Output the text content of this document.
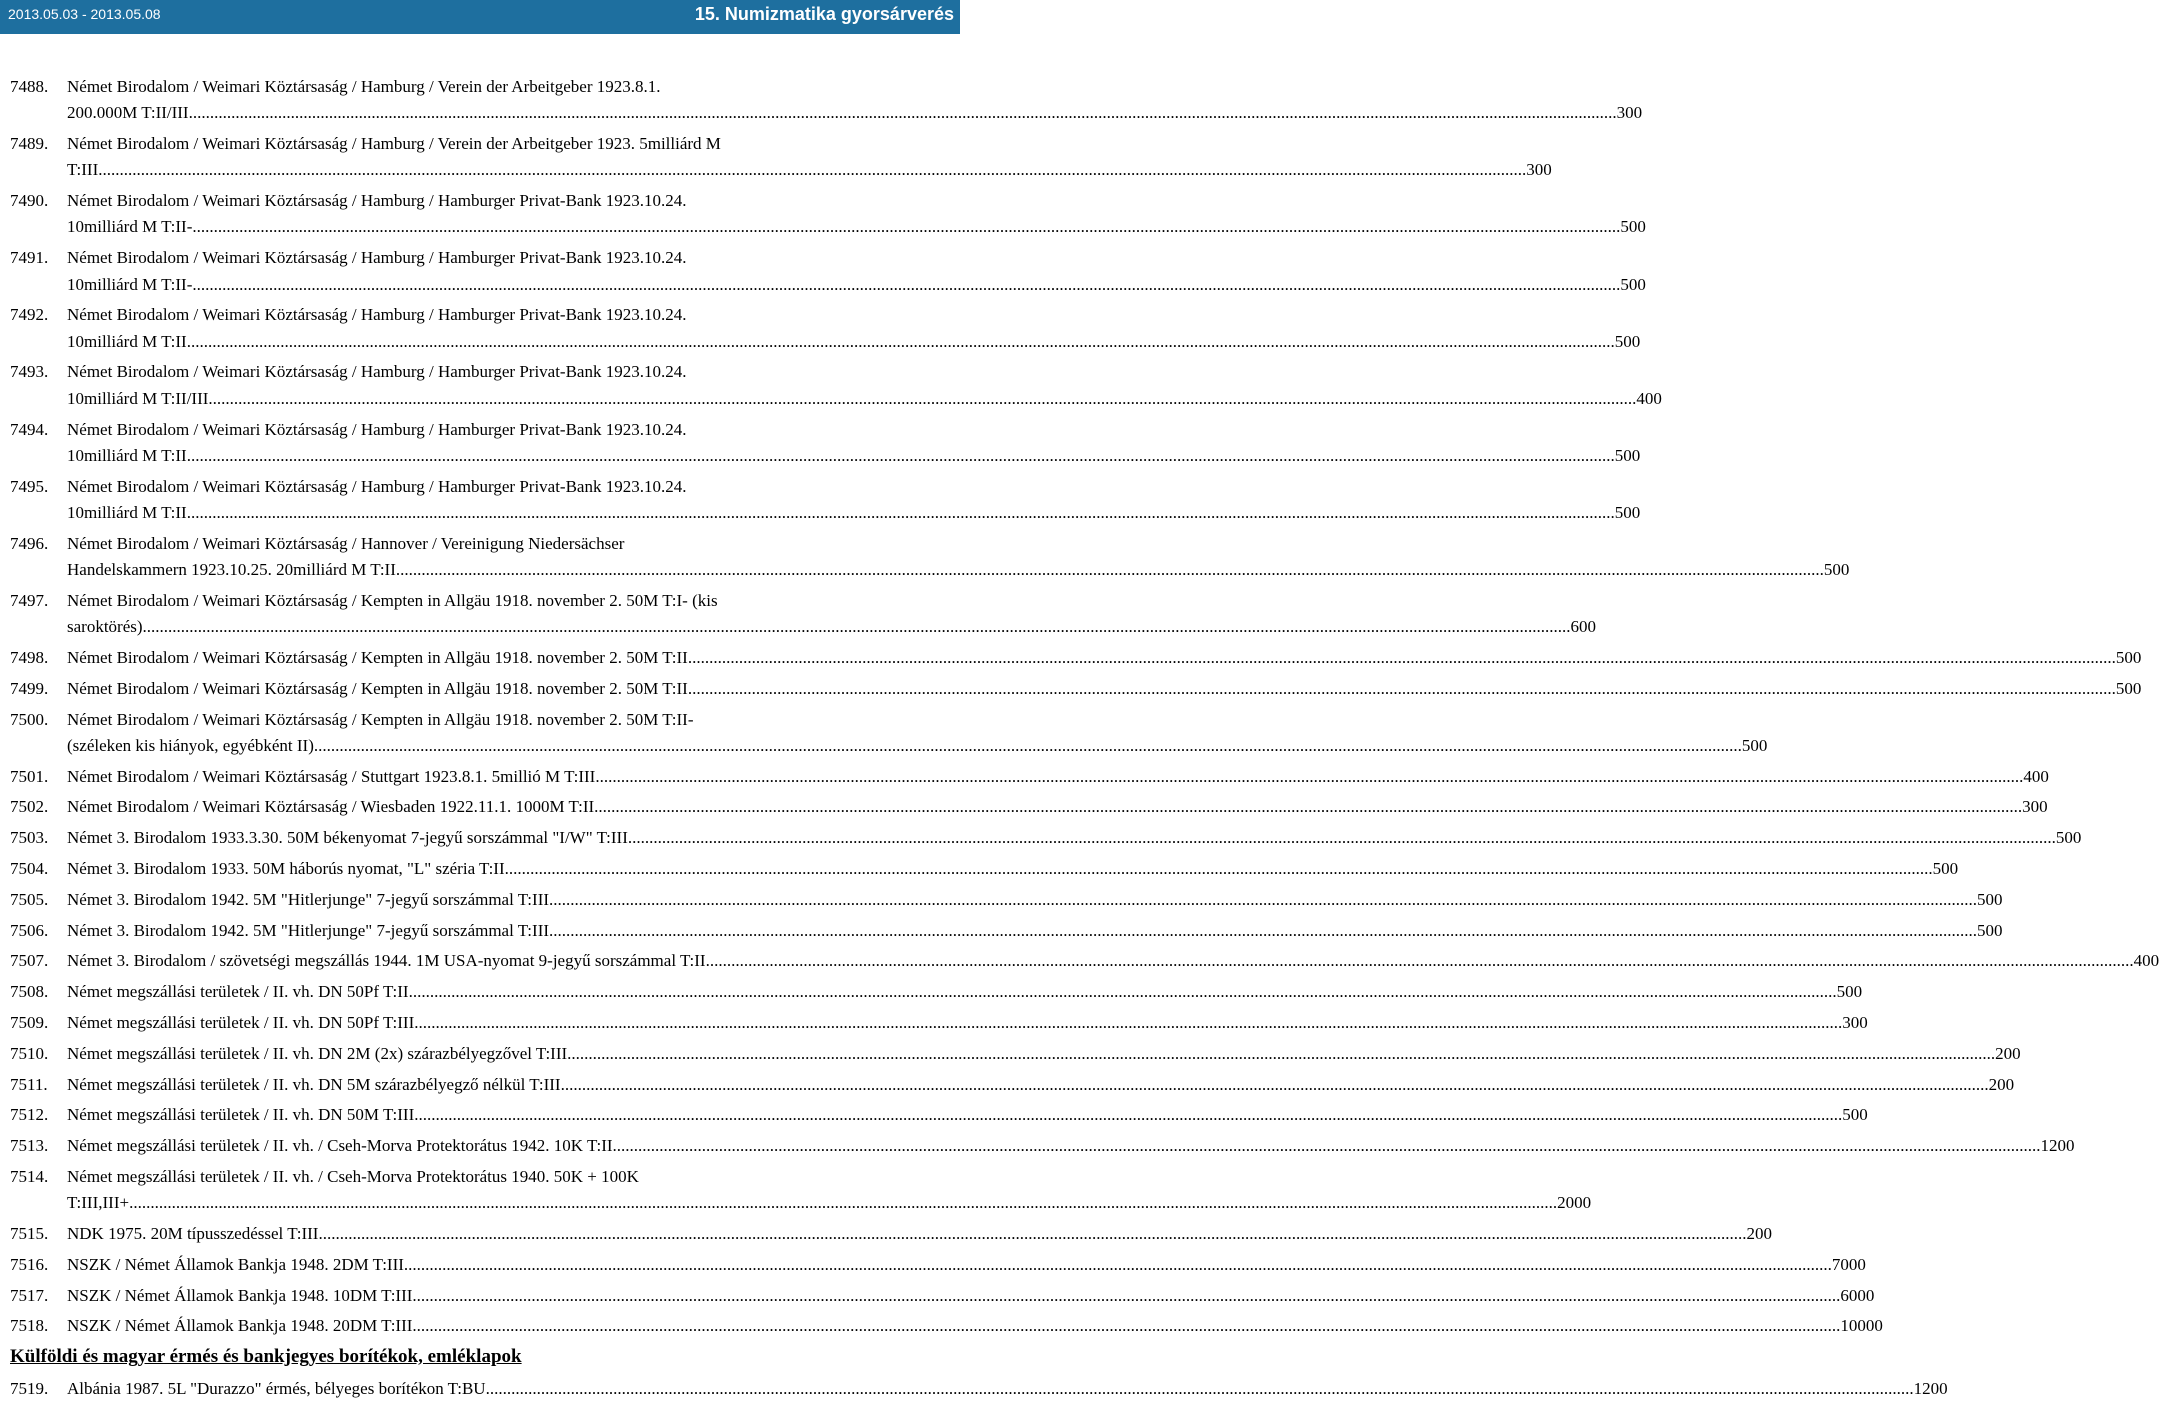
2013.05.03 - 2013.05.08	15. Numizmatika gyorsárverés
7488.	Német Birodalom / Weimari Köztársaság / Hamburg / Verein der Arbeitgeber 1923.8.1.
200.000M T:II/III .....	300
7489.	Német Birodalom / Weimari Köztársaság / Hamburg / Verein der Arbeitgeber 1923. 5milliárd M
T:III .....	300
7490.	Német Birodalom / Weimari Köztársaság / Hamburg / Hamburger Privat-Bank 1923.10.24.
10milliárd M T:II- .....	500
7491.	Német Birodalom / Weimari Köztársaság / Hamburg / Hamburger Privat-Bank 1923.10.24.
10milliárd M T:II- .....	500
7492.	Német Birodalom / Weimari Köztársaság / Hamburg / Hamburger Privat-Bank 1923.10.24.
10milliárd M T:II .....	500
7493.	Német Birodalom / Weimari Köztársaság / Hamburg / Hamburger Privat-Bank 1923.10.24.
10milliárd M T:II/III .....	400
7494.	Német Birodalom / Weimari Köztársaság / Hamburg / Hamburger Privat-Bank 1923.10.24.
10milliárd M T:II .....	500
7495.	Német Birodalom / Weimari Köztársaság / Hamburg / Hamburger Privat-Bank 1923.10.24.
10milliárd M T:II .....	500
7496.	Német Birodalom / Weimari Köztársaság / Hannover / Vereinigung Niedersächser
Handelskammern 1923.10.25. 20milliárd M T:II .....	500
7497.	Német Birodalom / Weimari Köztársaság / Kempten in Allgäu 1918. november 2. 50M T:I- (kis
saroktörés) .....	600
7498.	Német Birodalom / Weimari Köztársaság / Kempten in Allgäu 1918. november 2. 50M T:II .....	500
7499.	Német Birodalom / Weimari Köztársaság / Kempten in Allgäu 1918. november 2. 50M T:II .....	500
7500.	Német Birodalom / Weimari Köztársaság / Kempten in Allgäu 1918. november 2. 50M T:II-
(széleken kis hiányok, egyébként II) .....	500
7501.	Német Birodalom / Weimari Köztársaság / Stuttgart 1923.8.1. 5millió M T:III .....	400
7502.	Német Birodalom / Weimari Köztársaság / Wiesbaden 1922.11.1. 1000M T:II .....	300
7503.	Német 3. Birodalom 1933.3.30. 50M békenyomat 7-jegyű sorszámmal "I/W" T:III .....	500
7504.	Német 3. Birodalom 1933. 50M háborús nyomat, "L" széria T:II .....	500
7505.	Német 3. Birodalom 1942. 5M "Hitlerjunge" 7-jegyű sorszámmal T:III .....	500
7506.	Német 3. Birodalom 1942. 5M "Hitlerjunge" 7-jegyű sorszámmal T:III .....	500
7507.	Német 3. Birodalom / szövetségi megszállás 1944. 1M USA-nyomat 9-jegyű sorszámmal T:II .....	400
7508.	Német megszállási területek / II. vh. DN 50Pf T:II .....	500
7509.	Német megszállási területek / II. vh. DN 50Pf T:III .....	300
7510.	Német megszállási területek / II. vh. DN 2M (2x) szárazbélyegzővel T:III .....	200
7511.	Német megszállási területek / II. vh. DN 5M szárazbélyegző nélkül T:III .....	200
7512.	Német megszállási területek / II. vh. DN 50M T:III .....	500
7513.	Német megszállási területek / II. vh. / Cseh-Morva Protektorátus 1942. 10K T:II .....	1200
7514.	Német megszállási területek / II. vh. / Cseh-Morva Protektorátus 1940. 50K + 100K
T:III,III+ .....	2000
7515.	NDK 1975. 20M típusszedéssel T:III .....	200
7516.	NSZK / Német Államok Bankja 1948. 2DM T:III .....	7000
7517.	NSZK / Német Államok Bankja 1948. 10DM T:III .....	6000
7518.	NSZK / Német Államok Bankja 1948. 20DM T:III .....	10000
Külföldi és magyar érmés és bankjegyes borítékok, emléklapok
7519.	Albánia 1987. 5L "Durazzo" érmés, bélyeges borítékon T:BU .....	1200
